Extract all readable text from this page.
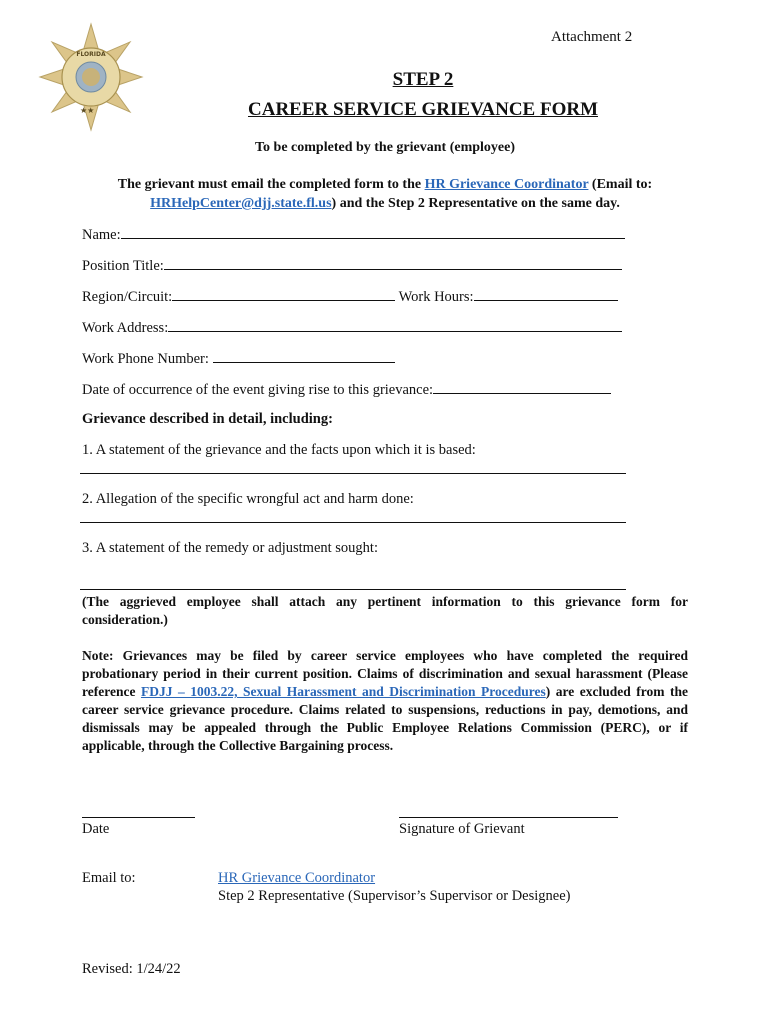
FLORIDA
★★
Attachment 2
STEP 2
CAREER SERVICE GRIEVANCE FORM
To be completed by the grievant (employee)
The grievant must email the completed form to the HR Grievance Coordinator (Email to: HRHelpCenter@djj.state.fl.us) and the Step 2 Representative on the same day.
Name:
Position Title:
Region/Circuit:	Work Hours:
Work Address:
Work Phone Number:
Date of occurrence of the event giving rise to this grievance:
Grievance described in detail, including:
1. A statement of the grievance and the facts upon which it is based:
2. Allegation of the specific wrongful act and harm done:
3. A statement of the remedy or adjustment sought:
(The aggrieved employee shall attach any pertinent information to this grievance form for consideration.)
Note: Grievances may be filed by career service employees who have completed the required probationary period in their current position. Claims of discrimination and sexual harassment (Please reference FDJJ – 1003.22, Sexual Harassment and Discrimination Procedures) are excluded from the career service grievance procedure. Claims related to suspensions, reductions in pay, demotions, and dismissals may be appealed through the Public Employee Relations Commission (PERC), or if applicable, through the Collective Bargaining process.
Date	Signature of Grievant
Email to:	HR Grievance Coordinator
Step 2 Representative (Supervisor’s Supervisor or Designee)
Revised: 1/24/22
